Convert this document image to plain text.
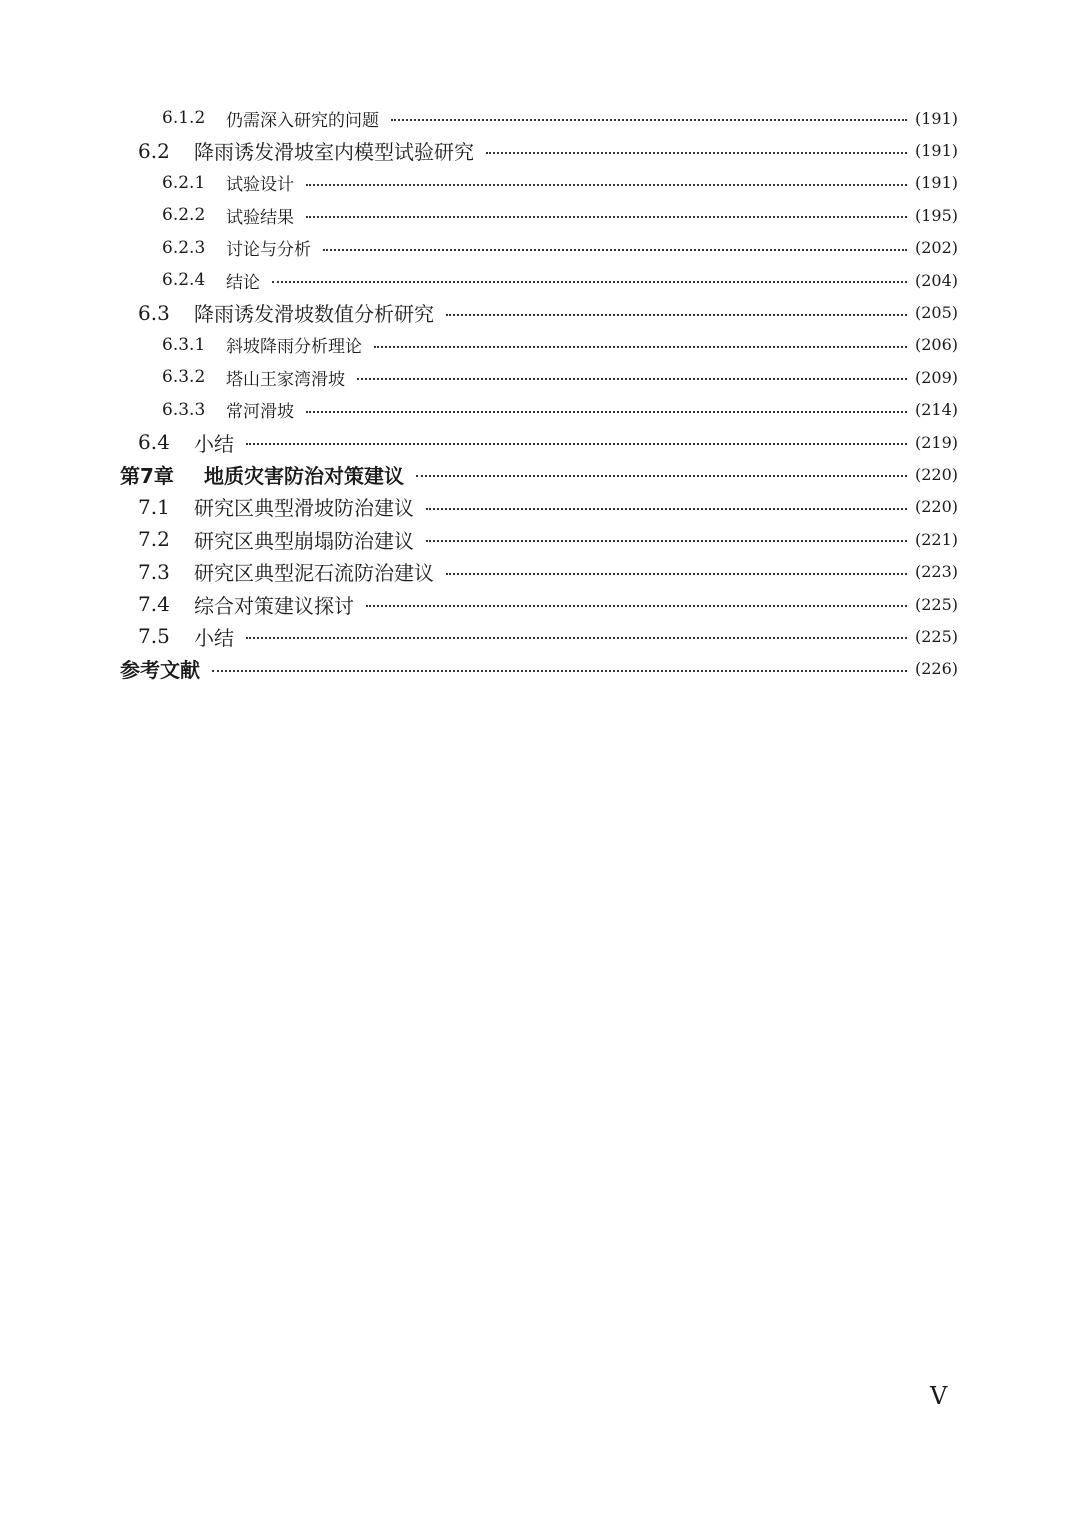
6.1.2	仍需深入研究的问题	(191)
6.2	降雨诱发滑坡室内模型试验研究	(191)
6.2.1	试验设计	(191)
6.2.2	试验结果	(195)
6.2.3	讨论与分析	(202)
6.2.4	结论	(204)
6.3	降雨诱发滑坡数值分析研究	(205)
6.3.1	斜坡降雨分析理论	(206)
6.3.2	塔山王家湾滑坡	(209)
6.3.3	常河滑坡	(214)
6.4	小结	(219)
第7章	地质灾害防治对策建议	(220)
7.1	研究区典型滑坡防治建议	(220)
7.2	研究区典型崩塌防治建议	(221)
7.3	研究区典型泥石流防治建议	(223)
7.4	综合对策建议探讨	(225)
7.5	小结	(225)
参考文献	(226)
V
